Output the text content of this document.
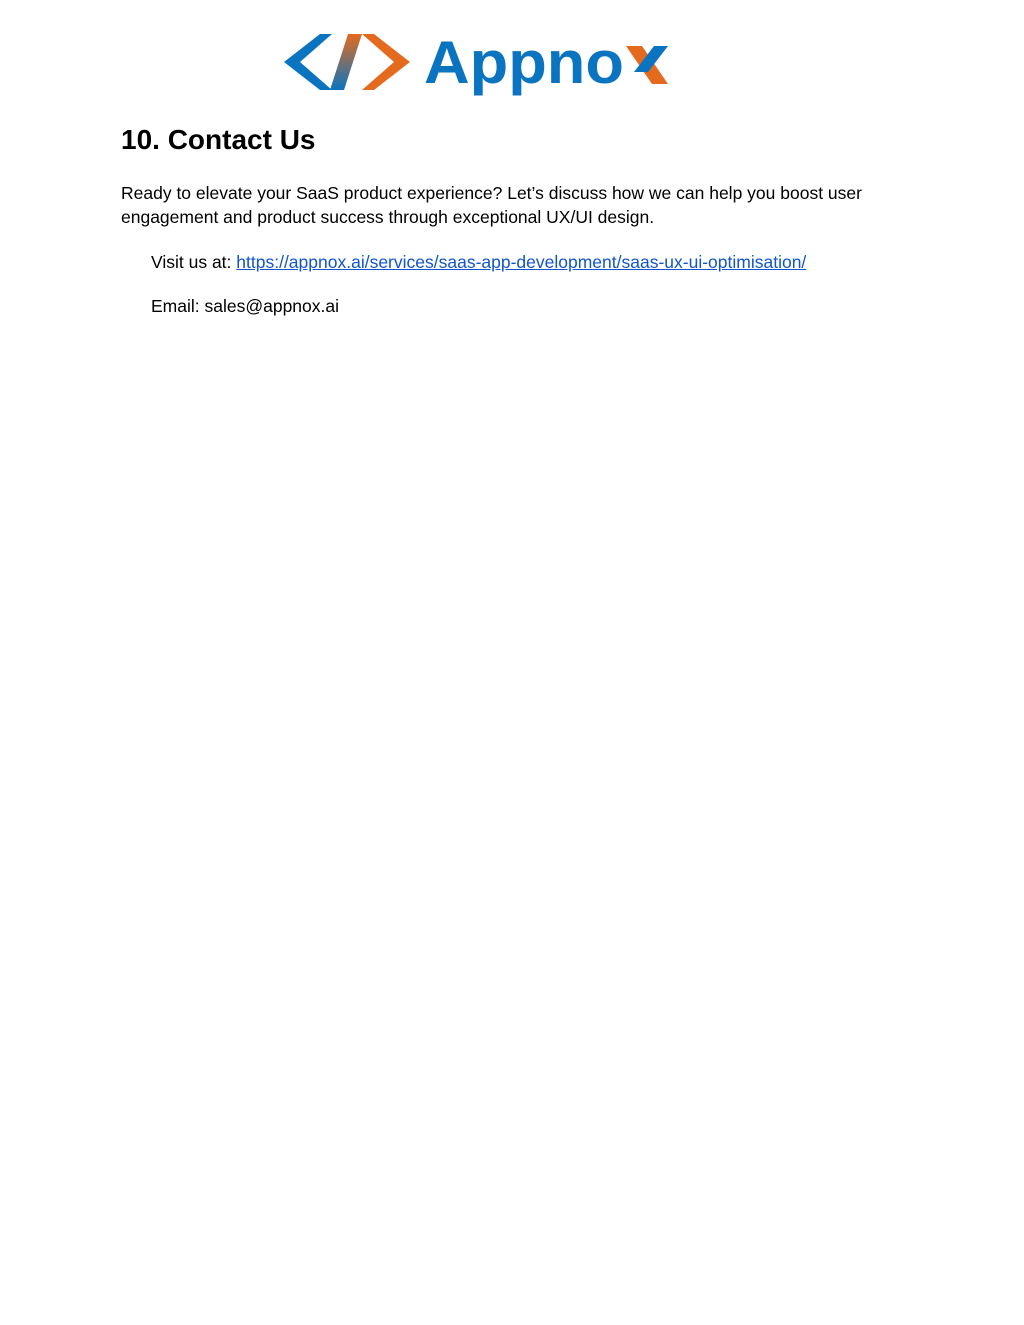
Appno
10. Contact Us

Ready to elevate your SaaS product experience? Let’s discuss how we can help you boost user engagement and product success through exceptional UX/UI design.

Visit us at: https://appnox.ai/services/saas-app-development/saas-ux-ui-optimisation/

Email: sales@appnox.ai
